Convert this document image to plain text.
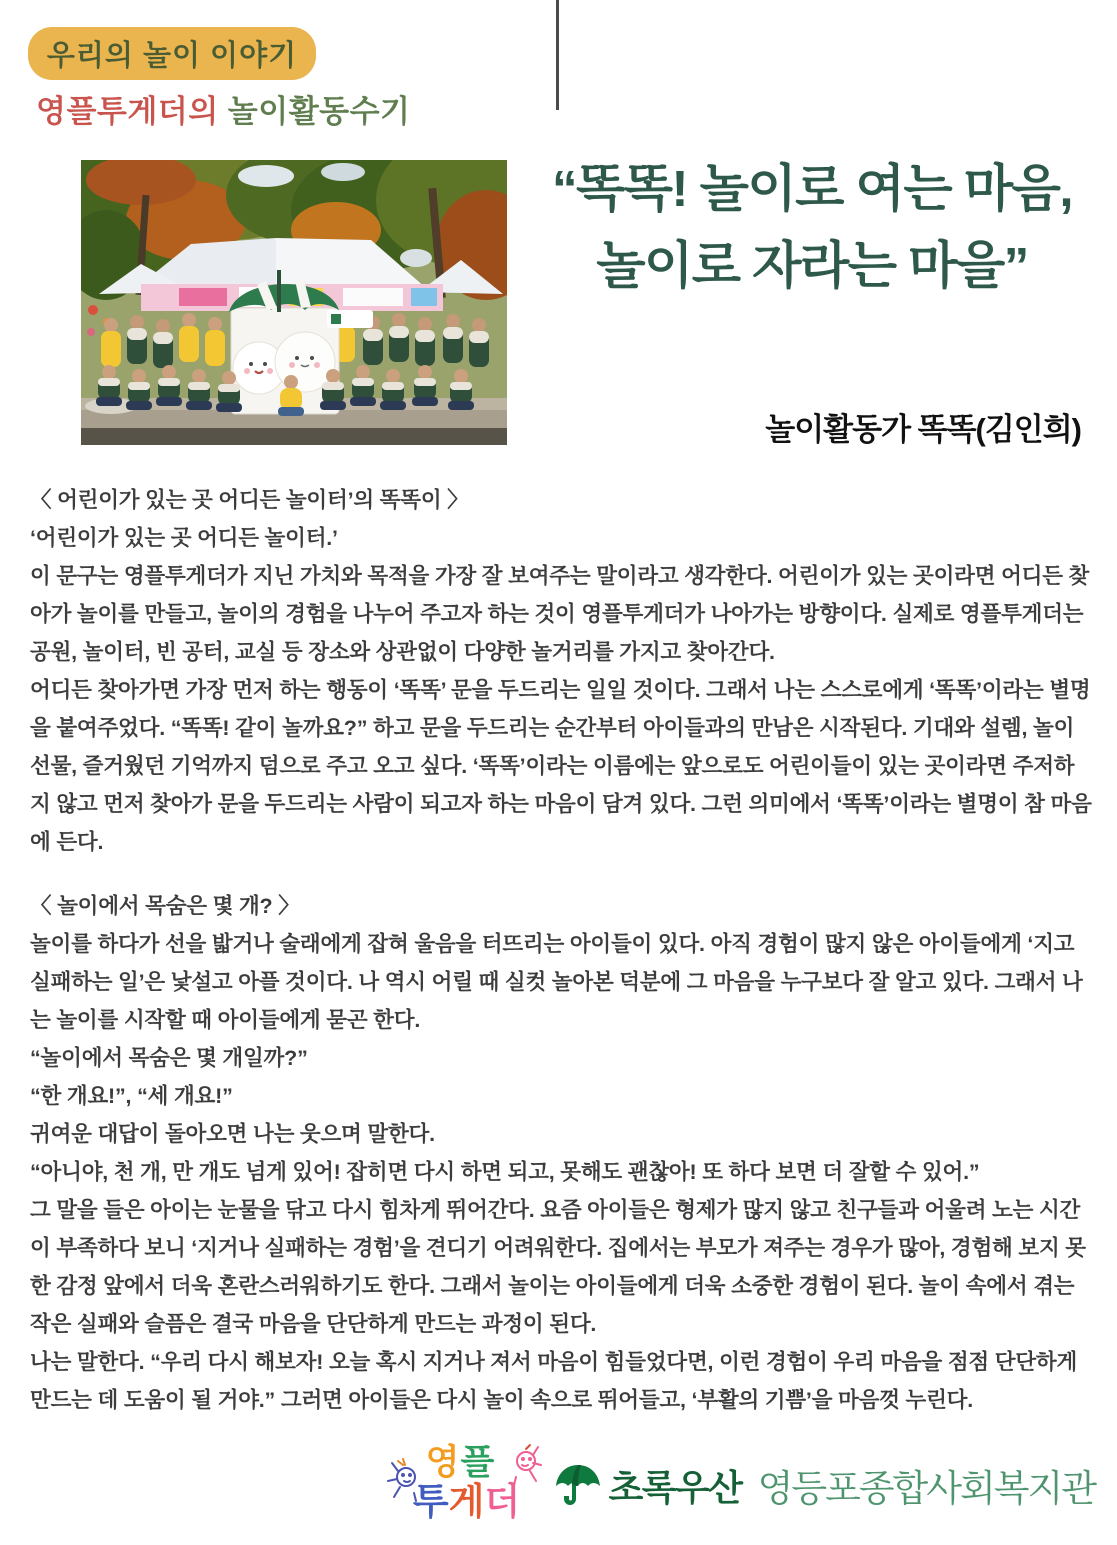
우리의 놀이 이야기
영플투게더의 놀이활동수기
“똑똑! 놀이로 여는 마음,
놀이로 자라는 마을”
놀이활동가 똑똑(김인희)

〈 어린이가 있는 곳 어디든 놀이터’의 똑똑이 〉

‘어린이가 있는 곳 어디든 놀이터.’

이 문구는 영플투게더가 지닌 가치와 목적을 가장 잘 보여주는 말이라고 생각한다. 어린이가 있는 곳이라면 어디든 찾아가 놀이를 만들고, 놀이의 경험을 나누어 주고자 하는 것이 영플투게더가 나아가는 방향이다. 실제로 영플투게더는 공원, 놀이터, 빈 공터, 교실 등 장소와 상관없이 다양한 놀거리를 가지고 찾아간다.

어디든 찾아가면 가장 먼저 하는 행동이 ‘똑똑’ 문을 두드리는 일일 것이다. 그래서 나는 스스로에게 ‘똑똑’이라는 별명을 붙여주었다. “똑똑! 같이 놀까요?” 하고 문을 두드리는 순간부터 아이들과의 만남은 시작된다. 기대와 설렘, 놀이 선물, 즐거웠던 기억까지 덤으로 주고 오고 싶다. ‘똑똑’이라는 이름에는 앞으로도 어린이들이 있는 곳이라면 주저하지 않고 먼저 찾아가 문을 두드리는 사람이 되고자 하는 마음이 담겨 있다. 그런 의미에서 ‘똑똑’이라는 별명이 참 마음에 든다.

〈 놀이에서 목숨은 몇 개? 〉

놀이를 하다가 선을 밟거나 술래에게 잡혀 울음을 터뜨리는 아이들이 있다. 아직 경험이 많지 않은 아이들에게 ‘지고 실패하는 일’은 낯설고 아플 것이다. 나 역시 어릴 때 실컷 놀아본 덕분에 그 마음을 누구보다 잘 알고 있다. 그래서 나는 놀이를 시작할 때 아이들에게 묻곤 한다.

“놀이에서 목숨은 몇 개일까?”

“한 개요!”, “세 개요!”

귀여운 대답이 돌아오면 나는 웃으며 말한다.

“아니야, 천 개, 만 개도 넘게 있어! 잡히면 다시 하면 되고, 못해도 괜찮아! 또 하다 보면 더 잘할 수 있어.”

그 말을 들은 아이는 눈물을 닦고 다시 힘차게 뛰어간다. 요즘 아이들은 형제가 많지 않고 친구들과 어울려 노는 시간이 부족하다 보니 ‘지거나 실패하는 경험’을 견디기 어려워한다. 집에서는 부모가 져주는 경우가 많아, 경험해 보지 못한 감정 앞에서 더욱 혼란스러워하기도 한다. 그래서 놀이는 아이들에게 더욱 소중한 경험이 된다. 놀이 속에서 겪는 작은 실패와 슬픔은 결국 마음을 단단하게 만드는 과정이 된다.

나는 말한다. “우리 다시 해보자! 오늘 혹시 지거나 져서 마음이 힘들었다면, 이런 경험이 우리 마음을 점점 단단하게 만드는 데 도움이 될 거야.” 그러면 아이들은 다시 놀이 속으로 뛰어들고, ‘부활의 기쁨’을 마음껏 누린다.

영플
투게더	초록우산 영등포종합사회복지관
